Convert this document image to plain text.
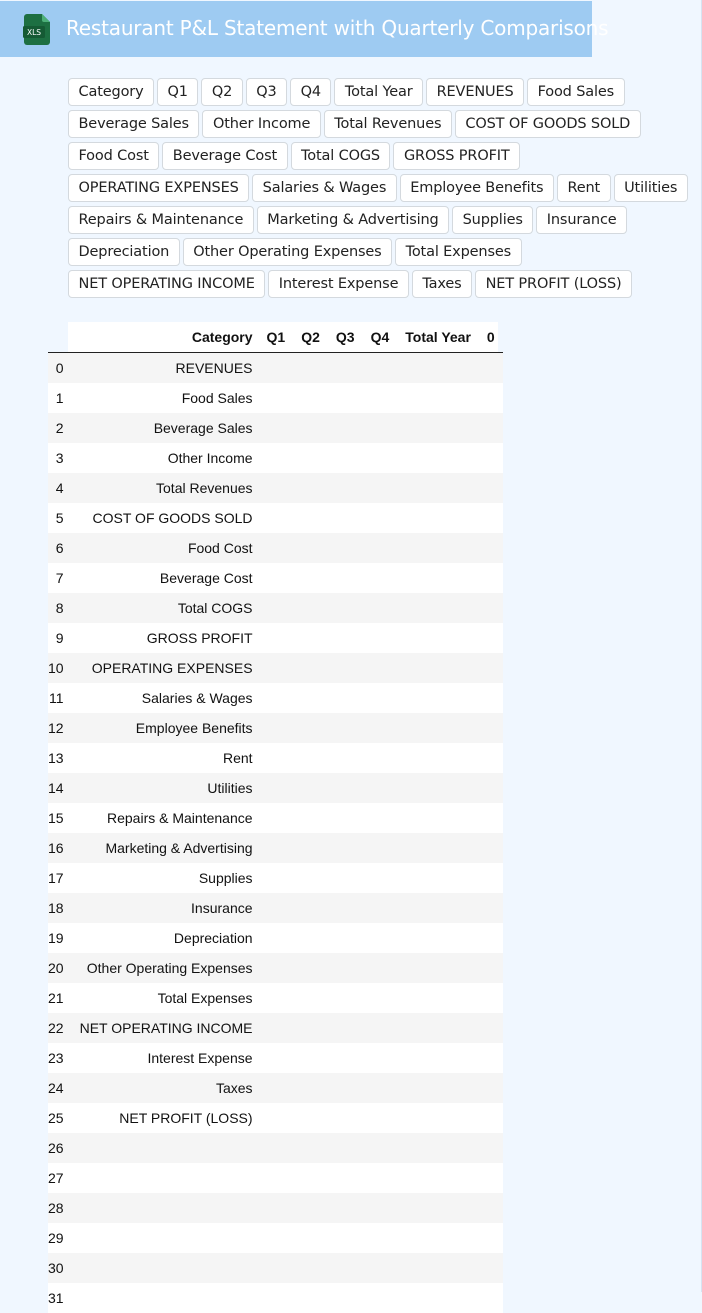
XLS Restaurant P&L Statement with Quarterly Comparisons
Category	Q1	Q2	Q3	Q4	Total Year	REVENUES	Food Sales
Beverage Sales	Other Income	Total Revenues	COST OF GOODS SOLD
Food Cost	Beverage Cost	Total COGS	GROSS PROFIT
OPERATING EXPENSES	Salaries & Wages	Employee Benefits	Rent	Utilities
Repairs & Maintenance	Marketing & Advertising	Supplies	Insurance
Depreciation	Other Operating Expenses	Total Expenses
NET OPERATING INCOME	Interest Expense	Taxes	NET PROFIT (LOSS)
	Category	Q1	Q2	Q3	Q4	Total Year	0
0	REVENUES						
1	Food Sales						
2	Beverage Sales						
3	Other Income						
4	Total Revenues						
5	COST OF GOODS SOLD						
6	Food Cost						
7	Beverage Cost						
8	Total COGS						
9	GROSS PROFIT						
10	OPERATING EXPENSES						
11	Salaries & Wages						
12	Employee Benefits						
13	Rent						
14	Utilities						
15	Repairs & Maintenance						
16	Marketing & Advertising						
17	Supplies						
18	Insurance						
19	Depreciation						
20	Other Operating Expenses						
21	Total Expenses						
22	NET OPERATING INCOME						
23	Interest Expense						
24	Taxes						
25	NET PROFIT (LOSS)						
26							
27							
28							
29							
30							
31							
